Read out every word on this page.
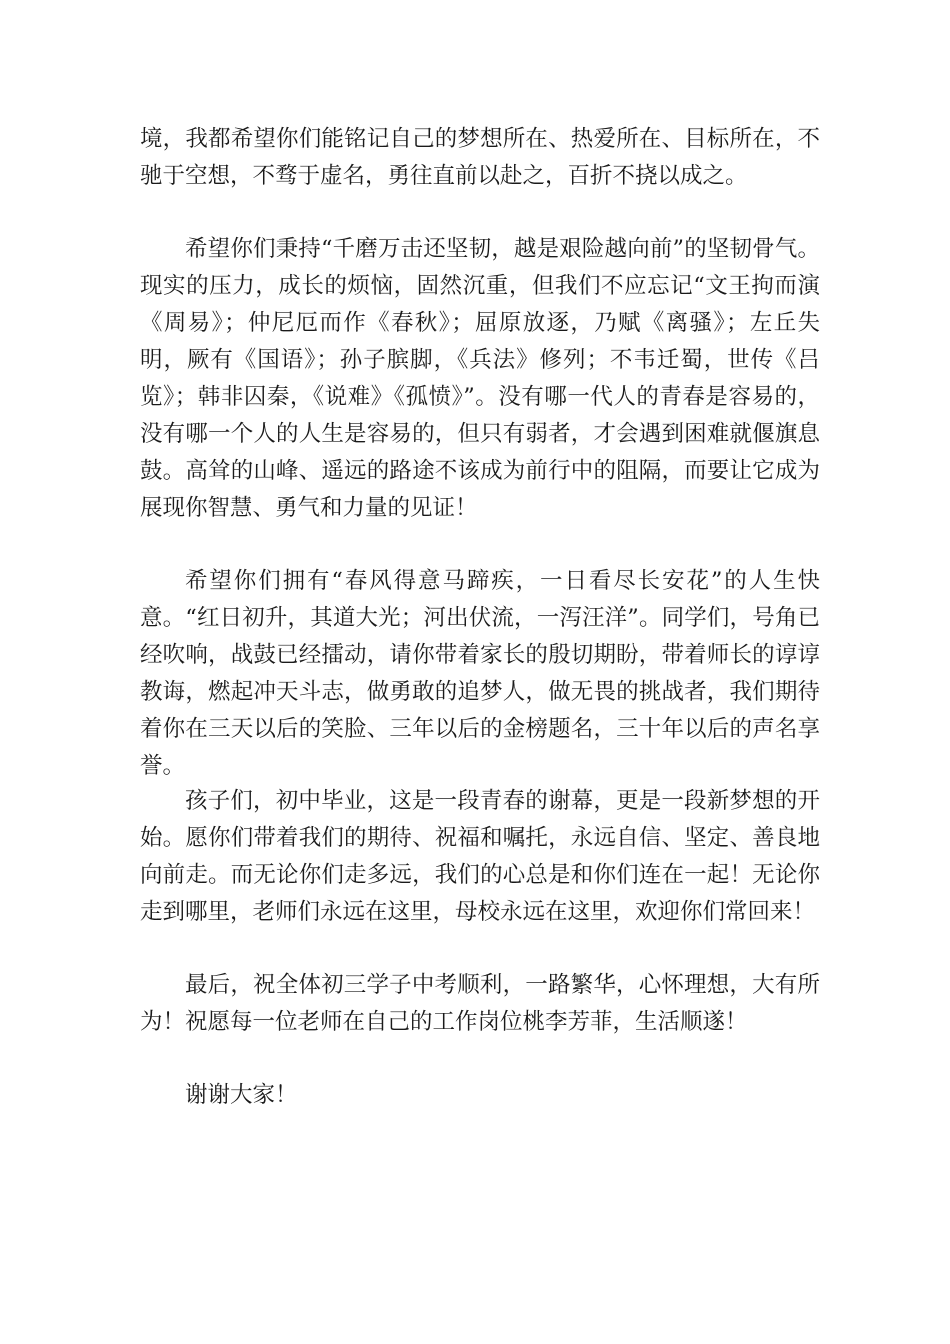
境，我都希望你们能铭记自己的梦想所在、热爱所在、目标所在，不驰于空想，不骛于虚名，勇往直前以赴之，百折不挠以成之。

希望你们秉持“千磨万击还坚韧，越是艰险越向前”的坚韧骨气。现实的压力，成长的烦恼，固然沉重，但我们不应忘记“文王拘而演《周易》；仲尼厄而作《春秋》；屈原放逐，乃赋《离骚》；左丘失明，厥有《国语》；孙子膑脚，《兵法》修列；不韦迁蜀，世传《吕览》；韩非囚秦，《说难》《孤愤》”。没有哪一代人的青春是容易的，没有哪一个人的人生是容易的，但只有弱者，才会遇到困难就偃旗息鼓。高耸的山峰、遥远的路途不该成为前行中的阻隔，而要让它成为展现你智慧、勇气和力量的见证！

希望你们拥有“春风得意马蹄疾，一日看尽长安花”的人生快意。“红日初升，其道大光；河出伏流，一泻汪洋”。同学们，号角已经吹响，战鼓已经擂动，请你带着家长的殷切期盼，带着师长的谆谆教诲，燃起冲天斗志，做勇敢的追梦人，做无畏的挑战者，我们期待着你在三天以后的笑脸、三年以后的金榜题名，三十年以后的声名享誉。

孩子们，初中毕业，这是一段青春的谢幕，更是一段新梦想的开始。愿你们带着我们的期待、祝福和嘱托，永远自信、坚定、善良地向前走。而无论你们走多远，我们的心总是和你们连在一起！无论你走到哪里，老师们永远在这里，母校永远在这里，欢迎你们常回来！

最后，祝全体初三学子中考顺利，一路繁华，心怀理想，大有所为！祝愿每一位老师在自己的工作岗位桃李芳菲，生活顺遂！

谢谢大家！
